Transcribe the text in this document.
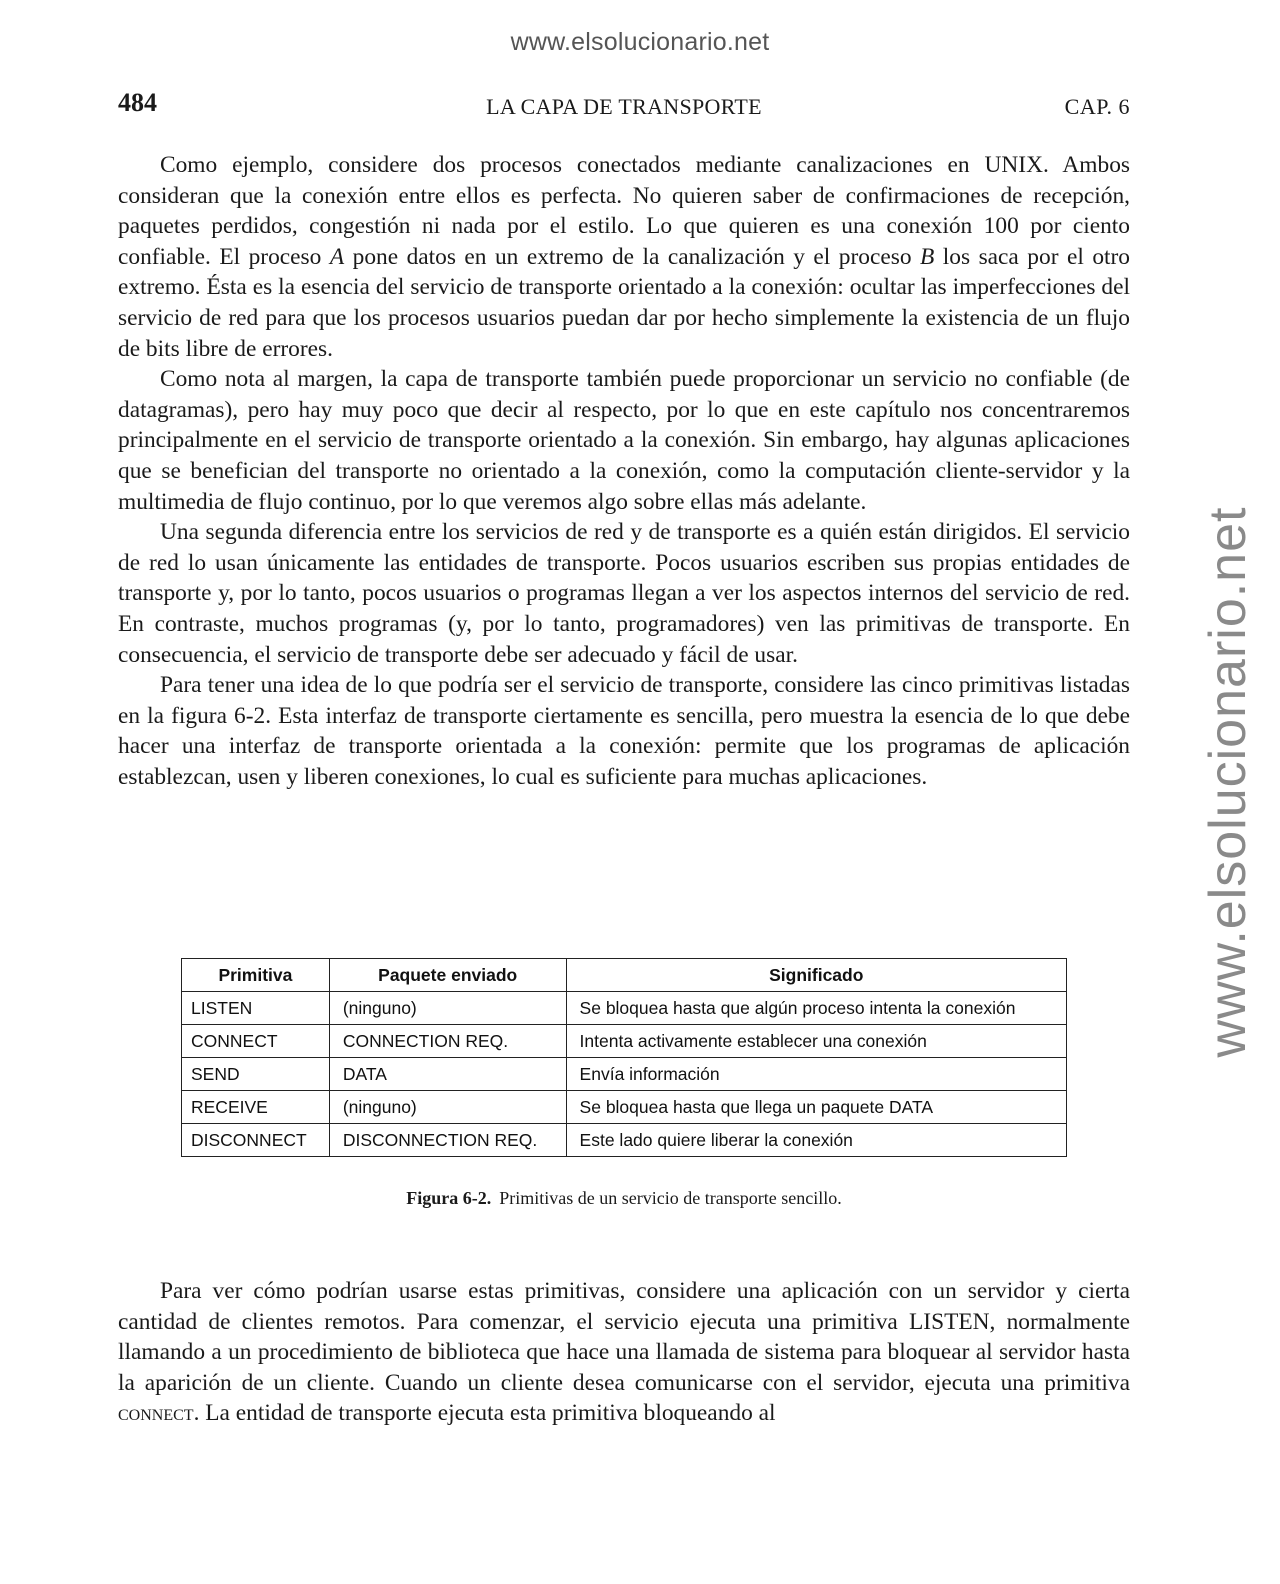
www.elsolucionario.net
www.elsolucionario.net
484	LA CAPA DE TRANSPORTE	CAP. 6

Como ejemplo, considere dos procesos conectados mediante canalizaciones en UNIX. Ambos consideran que la conexión entre ellos es perfecta. No quieren saber de confirmaciones de recepción, paquetes perdidos, congestión ni nada por el estilo. Lo que quieren es una conexión 100 por ciento confiable. El proceso A pone datos en un extremo de la canalización y el proceso B los saca por el otro extremo. Ésta es la esencia del servicio de transporte orientado a la conexión: ocultar las imperfecciones del servicio de red para que los procesos usuarios puedan dar por hecho simplemente la existencia de un flujo de bits libre de errores.

Como nota al margen, la capa de transporte también puede proporcionar un servicio no confiable (de datagramas), pero hay muy poco que decir al respecto, por lo que en este capítulo nos concentraremos principalmente en el servicio de transporte orientado a la conexión. Sin embargo, hay algunas aplicaciones que se benefician del transporte no orientado a la conexión, como la computación cliente-servidor y la multimedia de flujo continuo, por lo que veremos algo sobre ellas más adelante.

Una segunda diferencia entre los servicios de red y de transporte es a quién están dirigidos. El servicio de red lo usan únicamente las entidades de transporte. Pocos usuarios escriben sus propias entidades de transporte y, por lo tanto, pocos usuarios o programas llegan a ver los aspectos internos del servicio de red. En contraste, muchos programas (y, por lo tanto, programadores) ven las primitivas de transporte. En consecuencia, el servicio de transporte debe ser adecuado y fácil de usar.

Para tener una idea de lo que podría ser el servicio de transporte, considere las cinco primitivas listadas en la figura 6-2. Esta interfaz de transporte ciertamente es sencilla, pero muestra la esencia de lo que debe hacer una interfaz de transporte orientada a la conexión: permite que los programas de aplicación establezcan, usen y liberen conexiones, lo cual es suficiente para muchas aplicaciones.

Primitiva	Paquete enviado	Significado
LISTEN	(ninguno)	Se bloquea hasta que algún proceso intenta la conexión
CONNECT	CONNECTION REQ.	Intenta activamente establecer una conexión
SEND	DATA	Envía información
RECEIVE	(ninguno)	Se bloquea hasta que llega un paquete DATA
DISCONNECT	DISCONNECTION REQ.	Este lado quiere liberar la conexión
Figura 6-2. Primitivas de un servicio de transporte sencillo.

Para ver cómo podrían usarse estas primitivas, considere una aplicación con un servidor y cierta cantidad de clientes remotos. Para comenzar, el servicio ejecuta una primitiva LISTEN, normalmente llamando a un procedimiento de biblioteca que hace una llamada de sistema para bloquear al servidor hasta la aparición de un cliente. Cuando un cliente desea comunicarse con el servidor, ejecuta una primitiva connect. La entidad de transporte ejecuta esta primitiva bloqueando al
